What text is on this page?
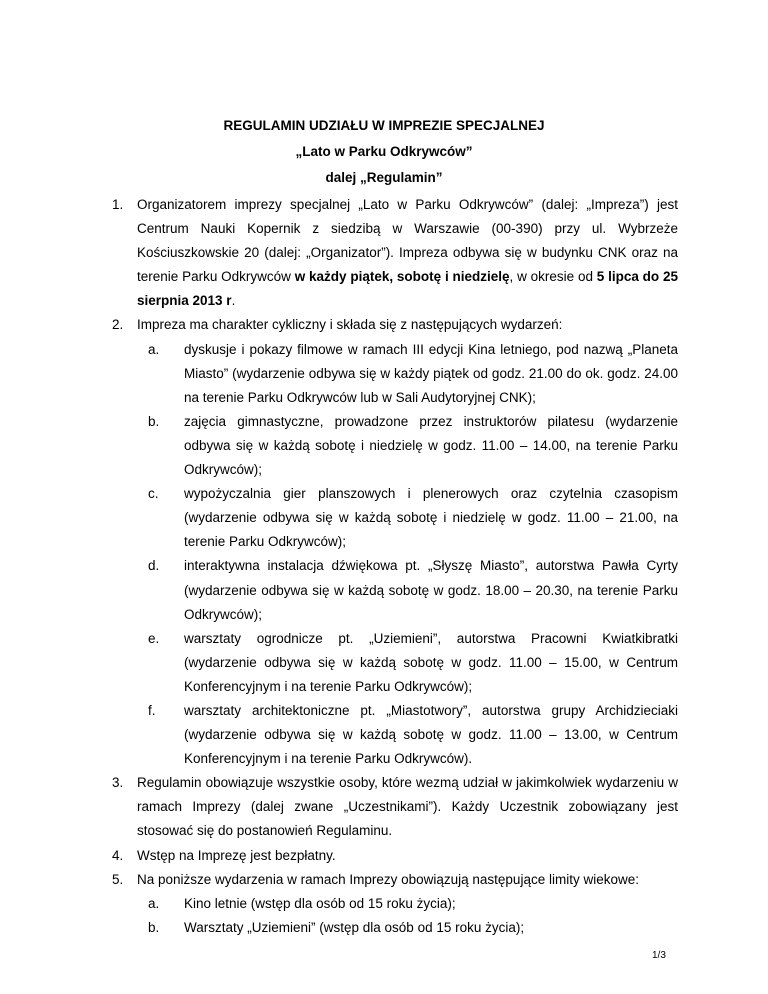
REGULAMIN UDZIAŁU W IMPREZIE SPECJALNEJ
„Lato w Parku Odkrywców”
dalej „Regulamin”
1. Organizatorem imprezy specjalnej „Lato w Parku Odkrywców” (dalej: „Impreza”) jest Centrum Nauki Kopernik z siedzibą w Warszawie (00-390) przy ul. Wybrzeże Kościuszkowskie 20 (dalej: „Organizator”). Impreza odbywa się w budynku CNK oraz na terenie Parku Odkrywców w każdy piątek, sobotę i niedzielę, w okresie od 5 lipca do 25 sierpnia 2013 r.
2. Impreza ma charakter cykliczny i składa się z następujących wydarzeń:
a. dyskusje i pokazy filmowe w ramach III edycji Kina letniego, pod nazwą „Planeta Miasto” (wydarzenie odbywa się w każdy piątek od godz. 21.00 do ok. godz. 24.00 na terenie Parku Odkrywców lub w Sali Audytoryjnej CNK);
b. zajęcia gimnastyczne, prowadzone przez instruktorów pilatesu (wydarzenie odbywa się w każdą sobotę i niedzielę w godz. 11.00 – 14.00, na terenie Parku Odkrywców);
c. wypożyczalnia gier planszowych i plenerowych oraz czytelnia czasopism (wydarzenie odbywa się w każdą sobotę i niedzielę w godz. 11.00 – 21.00, na terenie Parku Odkrywców);
d. interaktywna instalacja dźwiękowa pt. „Słyszę Miasto”, autorstwa Pawła Cyrty (wydarzenie odbywa się w każdą sobotę w godz. 18.00 – 20.30, na terenie Parku Odkrywców);
e. warsztaty ogrodnicze pt. „Uziemieni”, autorstwa Pracowni Kwiatkibratki (wydarzenie odbywa się w każdą sobotę w godz. 11.00 – 15.00, w Centrum Konferencyjnym i na terenie Parku Odkrywców);
f. warsztaty architektoniczne pt. „Miastotwory”, autorstwa grupy Archidzieciaki (wydarzenie odbywa się w każdą sobotę w godz. 11.00 – 13.00, w Centrum Konferencyjnym i na terenie Parku Odkrywców).
3. Regulamin obowiązuje wszystkie osoby, które wezmą udział w jakimkolwiek wydarzeniu w ramach Imprezy (dalej zwane „Uczestnikami”). Każdy Uczestnik zobowiązany jest stosować się do postanowień Regulaminu.
4. Wstęp na Imprezę jest bezpłatny.
5. Na poniższe wydarzenia w ramach Imprezy obowiązują następujące limity wiekowe:
a. Kino letnie (wstęp dla osób od 15 roku życia);
b. Warsztaty „Uziemieni” (wstęp dla osób od 15 roku życia);
1/3
